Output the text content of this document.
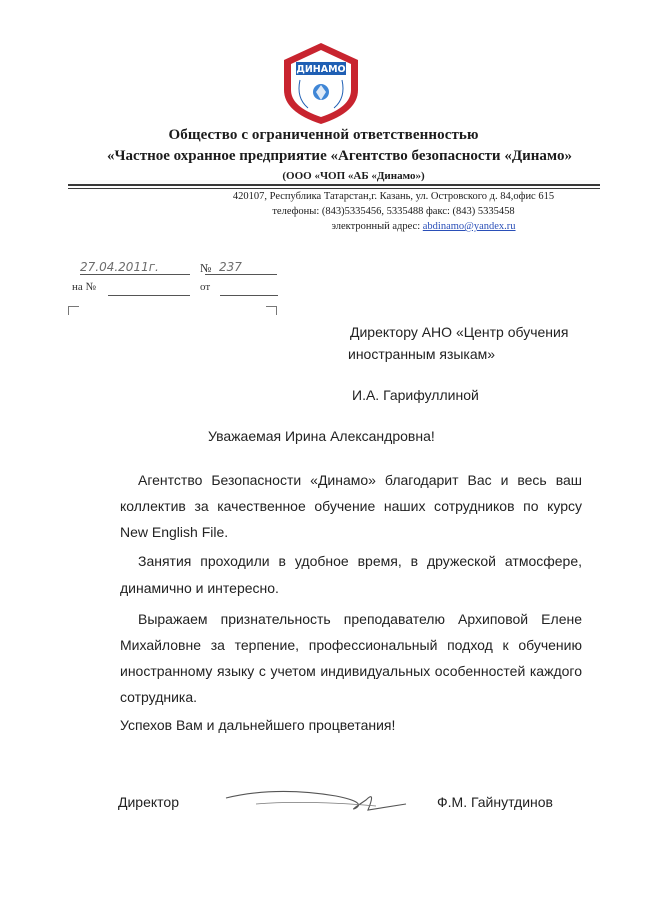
ДИНАМО
Общество с ограниченной ответственностью
«Частное охранное предприятие «Агентство безопасности «Динамо»
(ООО «ЧОП «АБ «Динамо»)
420107, Республика Татарстан,г. Казань, ул. Островского д. 84,офис 615
телефоны: (843)5335456, 5335488 факс: (843) 5335458
электронный адрес: abdinamo@yandex.ru
27.04.2011г.	№ 237
на №	от
Директору АНО «Центр обучения
иностранным языкам»
И.А. Гарифуллиной
Уважаемая Ирина Александровна!
Агентство Безопасности «Динамо» благодарит Вас и весь ваш
коллектив за качественное обучение наших сотрудников по курсу
New English File.
Занятия проходили в удобное время, в дружеской атмосфере,
динамично и интересно.
Выражаем признательность преподавателю Архиповой Елене
Михайловне за терпение, профессиональный подход к обучению
иностранному языку с учетом индивидуальных особенностей каждого
сотрудника.
Успехов Вам и дальнейшего процветания!
Директор	Ф.М. Гайнутдинов
